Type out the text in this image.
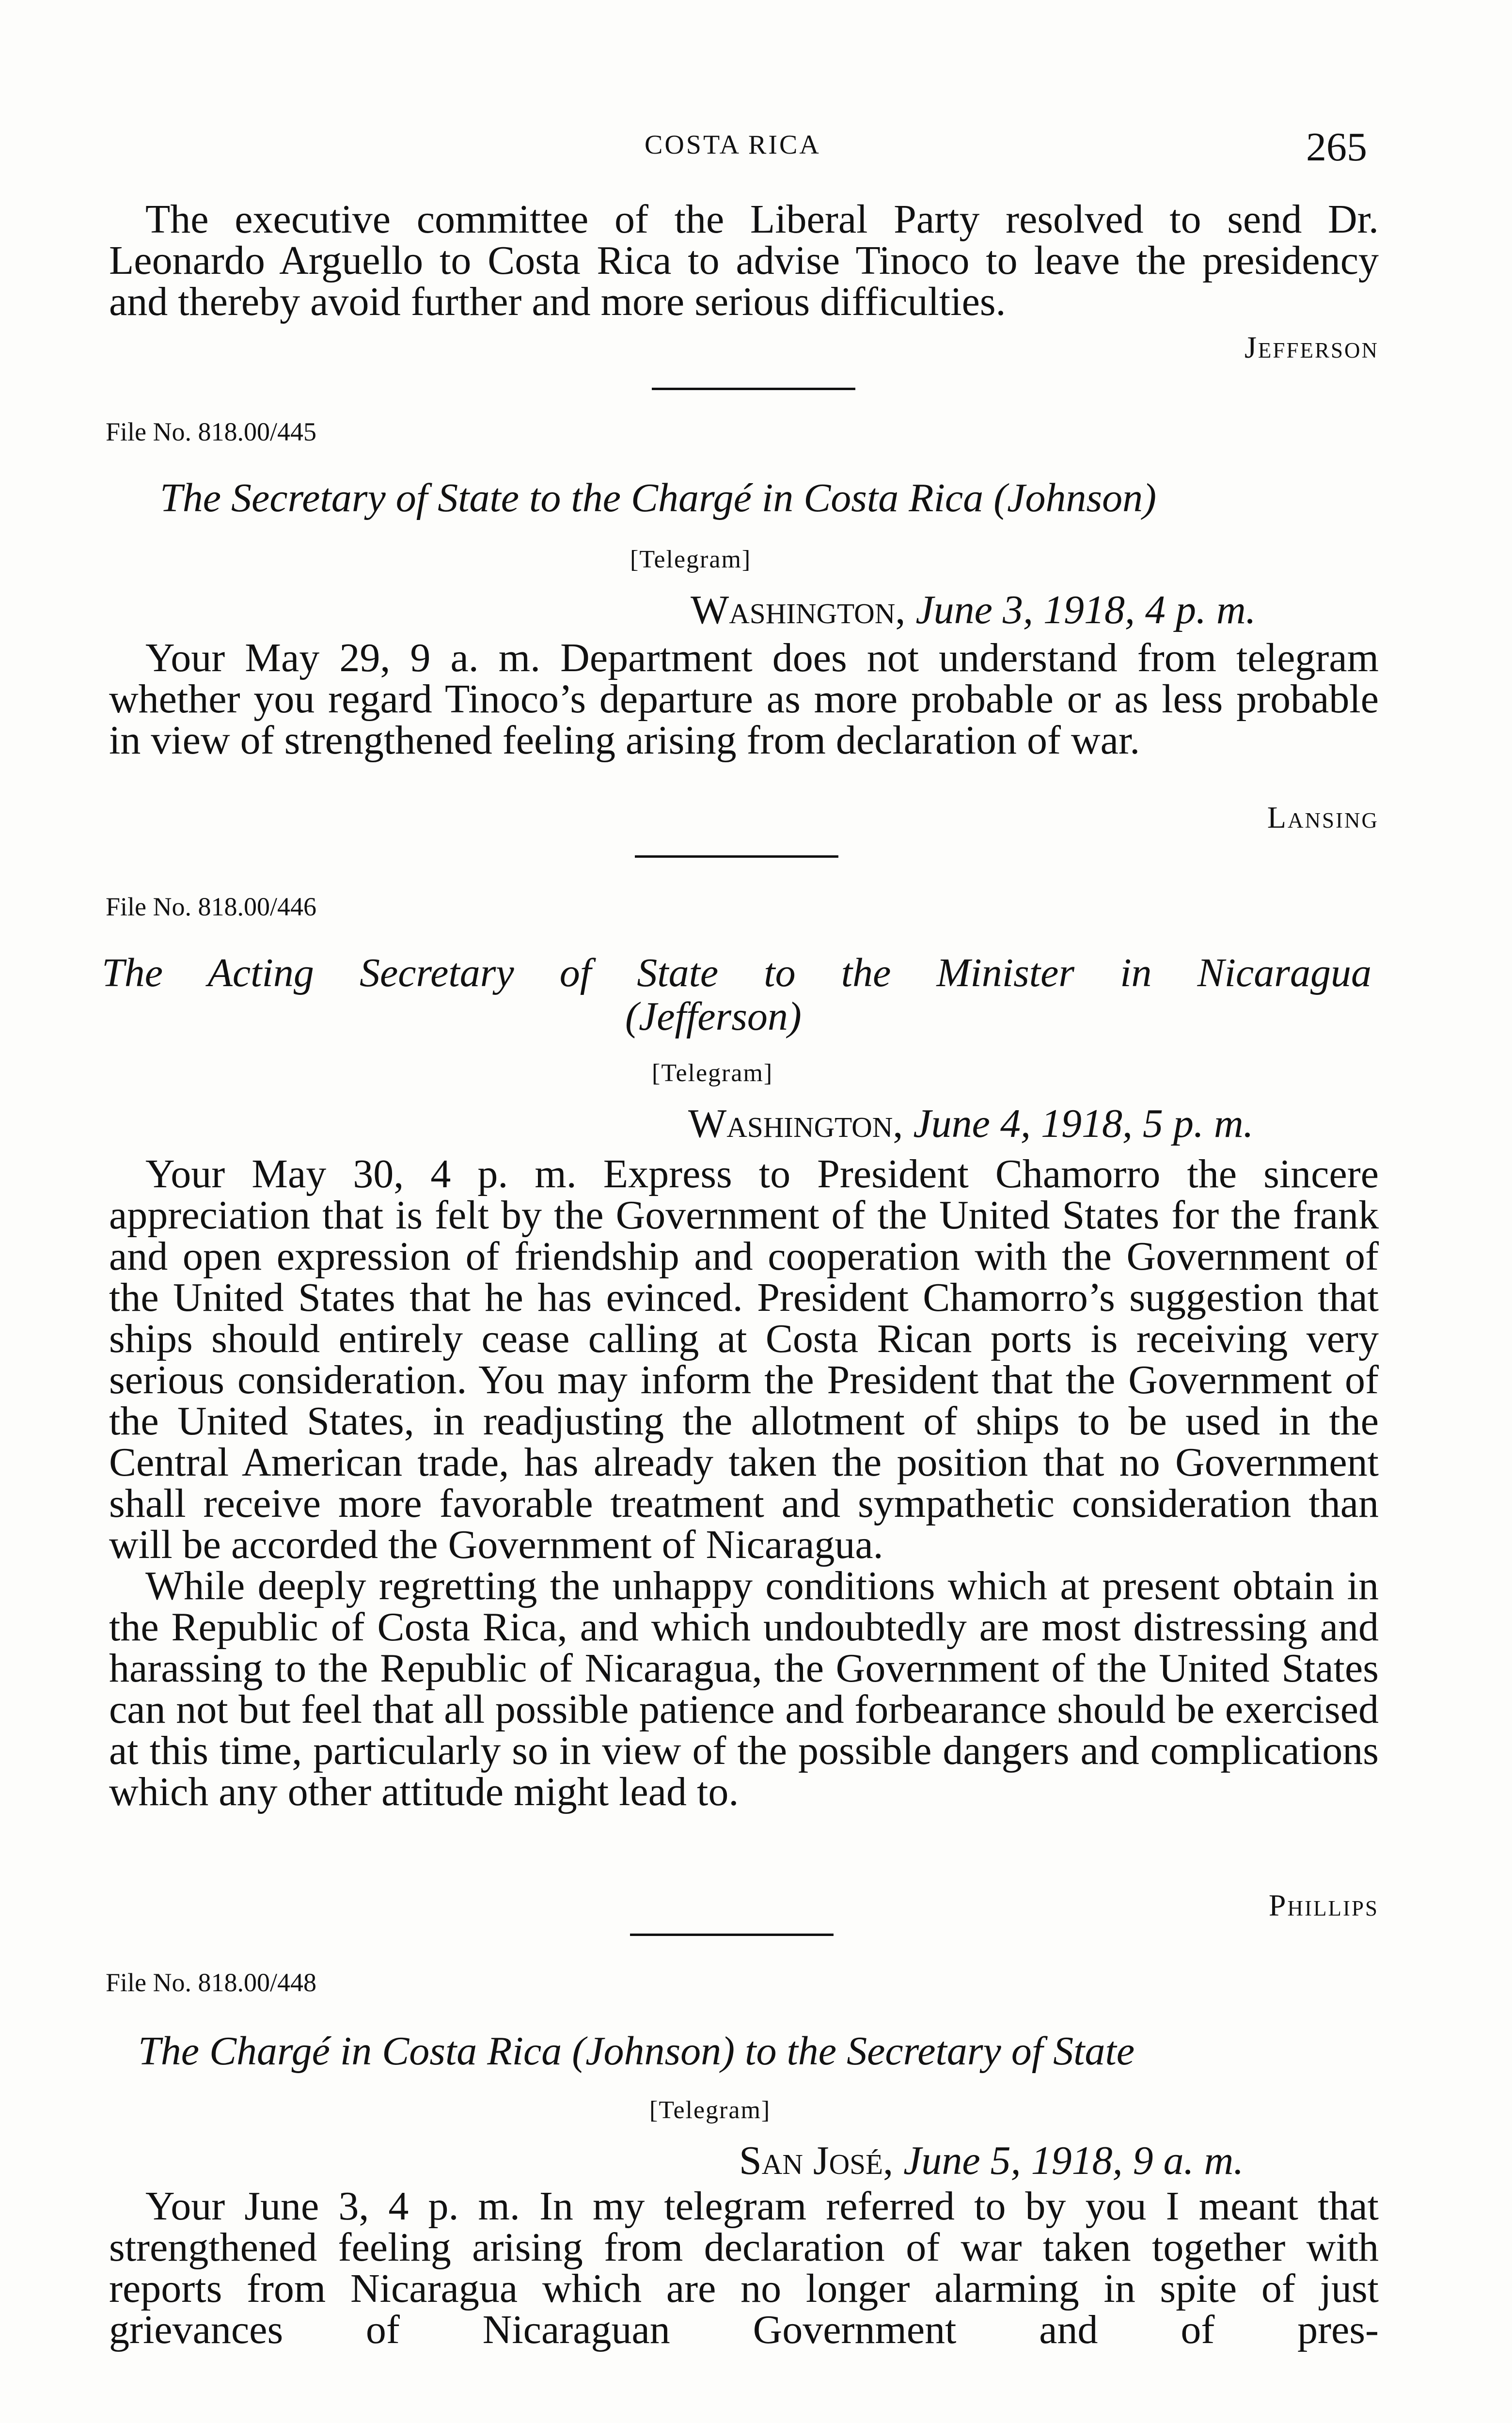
COSTA RICA	265
The executive committee of the Liberal Party resolved to send Dr. Leonardo Arguello to Costa Rica to advise Tinoco to leave the presidency and thereby avoid further and more serious difficulties.
Jefferson
File No. 818.00/445
The Secretary of State to the Chargé in Costa Rica (Johnson)
[Telegram]
Washington, June 3, 1918, 4 p. m.
Your May 29, 9 a. m. Department does not understand from telegram whether you regard Tinoco’s departure as more probable or as less probable in view of strengthened feeling arising from declaration of war.
Lansing
File No. 818.00/446
The Acting Secretary of State to the Minister in Nicaragua
(Jefferson)
[Telegram]
Washington, June 4, 1918, 5 p. m.
Your May 30, 4 p. m. Express to President Chamorro the sincere appreciation that is felt by the Government of the United States for the frank and open expression of friendship and cooperation with the Government of the United States that he has evinced. President Chamorro’s suggestion that ships should entirely cease calling at Costa Rican ports is receiving very serious consideration. You may inform the President that the Government of the United States, in readjusting the allotment of ships to be used in the Central American trade, has already taken the position that no Government shall receive more favorable treatment and sympathetic consideration than will be accorded the Government of Nicaragua.
While deeply regretting the unhappy conditions which at present obtain in the Republic of Costa Rica, and which undoubtedly are most distressing and harassing to the Republic of Nicaragua, the Government of the United States can not but feel that all possible patience and forbearance should be exercised at this time, particularly so in view of the possible dangers and complications which any other attitude might lead to.
Phillips
File No. 818.00/448
The Chargé in Costa Rica (Johnson) to the Secretary of State
[Telegram]
San José, June 5, 1918, 9 a. m.
Your June 3, 4 p. m. In my telegram referred to by you I meant that strengthened feeling arising from declaration of war taken together with reports from Nicaragua which are no longer alarming in spite of just grievances of Nicaraguan Government and of pres-
